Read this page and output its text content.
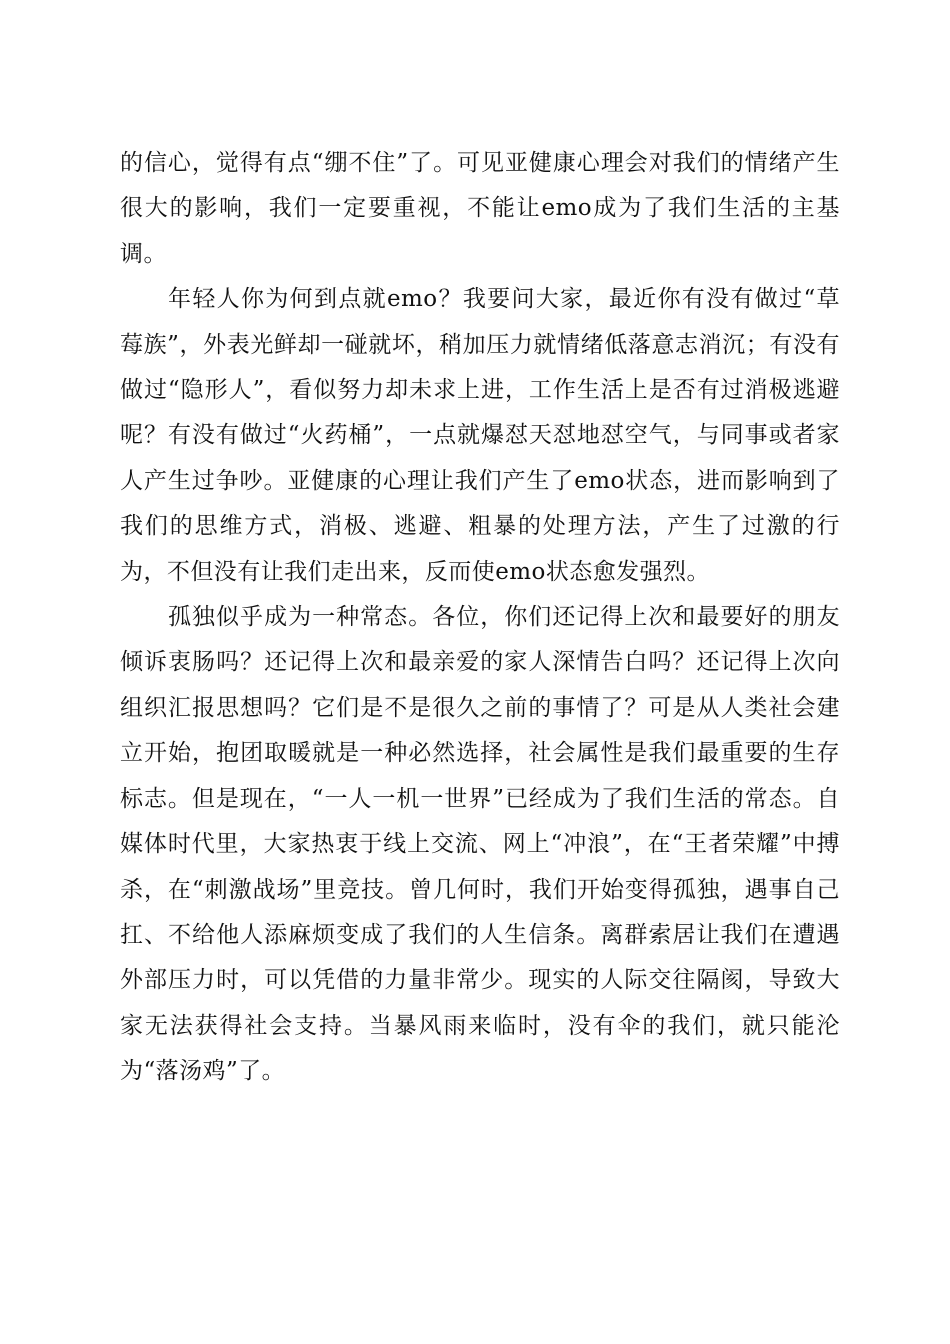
的信心，觉得有点“绷不住”了。可见亚健康心理会对我们的情绪产生很大的影响，我们一定要重视，不能让emo成为了我们生活的主基调。

年轻人你为何到点就emo？我要问大家，最近你有没有做过“草莓族”，外表光鲜却一碰就坏，稍加压力就情绪低落意志消沉；有没有做过“隐形人”，看似努力却未求上进，工作生活上是否有过消极逃避呢？有没有做过“火药桶”，一点就爆怼天怼地怼空气，与同事或者家人产生过争吵。亚健康的心理让我们产生了emo状态，进而影响到了我们的思维方式，消极、逃避、粗暴的处理方法，产生了过激的行为，不但没有让我们走出来，反而使emo状态愈发强烈。

孤独似乎成为一种常态。各位，你们还记得上次和最要好的朋友倾诉衷肠吗？还记得上次和最亲爱的家人深情告白吗？还记得上次向组织汇报思想吗？它们是不是很久之前的事情了？可是从人类社会建立开始，抱团取暖就是一种必然选择，社会属性是我们最重要的生存标志。但是现在，“一人一机一世界”已经成为了我们生活的常态。自媒体时代里，大家热衷于线上交流、网上“冲浪”，在“王者荣耀”中搏杀，在“刺激战场”里竞技。曾几何时，我们开始变得孤独，遇事自己扛、不给他人添麻烦变成了我们的人生信条。离群索居让我们在遭遇外部压力时，可以凭借的力量非常少。现实的人际交往隔阂，导致大家无法获得社会支持。当暴风雨来临时，没有伞的我们，就只能沦为“落汤鸡”了。
